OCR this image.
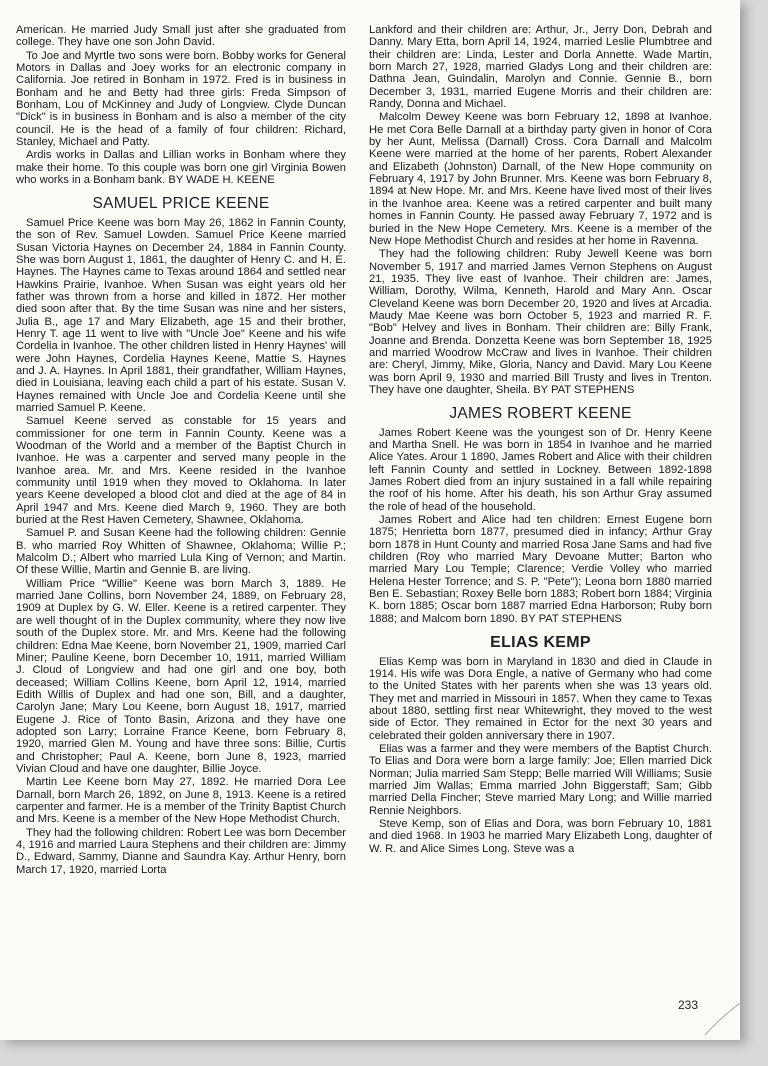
American. He married Judy Small just after she graduated from college. They have one son John David.

To Joe and Myrtle two sons were born. Bobby works for General Motors in Dallas and Joey works for an electronic company in California. Joe retired in Bonham in 1972. Fred is in business in Bonham and he and Betty had three girls: Freda Simpson of Bonham, Lou of McKinney and Judy of Longview. Clyde Duncan "Dick" is in business in Bonham and is also a member of the city council. He is the head of a family of four children: Richard, Stanley, Michael and Patty.

Ardis works in Dallas and Lillian works in Bonham where they make their home. To this couple was born one girl Virginia Bowen who works in a Bonham bank. BY WADE H. KEENE

SAMUEL PRICE KEENE

Samuel Price Keene was born May 26, 1862 in Fannin County, the son of Rev. Samuel Lowden. Samuel Price Keene married Susan Victoria Haynes on December 24, 1884 in Fannin County. She was born August 1, 1861, the daughter of Henry C. and H. E. Haynes. The Haynes came to Texas around 1864 and settled near Hawkins Prairie, Ivanhoe. When Susan was eight years old her father was thrown from a horse and killed in 1872. Her mother died soon after that. By the time Susan was nine and her sisters, Julia B., age 17 and Mary Elizabeth, age 15 and their brother, Henry T. age 11 went to live with "Uncle Joe" Keene and his wife Cordelia in Ivanhoe. The other children listed in Henry Haynes' will were John Haynes, Cordelia Haynes Keene, Mattie S. Haynes and J. A. Haynes. In April 1881, their grandfather, William Haynes, died in Louisiana, leaving each child a part of his estate. Susan V. Haynes remained with Uncle Joe and Cordelia Keene until she married Samuel P. Keene.

Samuel Keene served as constable for 15 years and commissioner for one term in Fannin County. Keene was a Woodman of the World and a member of the Baptist Church in Ivanhoe. He was a carpenter and served many people in the Ivanhoe area. Mr. and Mrs. Keene resided in the Ivanhoe community until 1919 when they moved to Oklahoma. In later years Keene developed a blood clot and died at the age of 84 in April 1947 and Mrs. Keene died March 9, 1960. They are both buried at the Rest Haven Cemetery, Shawnee, Oklahoma.

Samuel P. and Susan Keene had the following children: Gennie B. who married Roy Whitten of Shawnee, Oklahoma; Willie P.; Malcolm D.; Albert who married Lula King of Vernon; and Martin. Of these Willie, Martin and Gennie B. are living.

William Price "Willie" Keene was born March 3, 1889. He married Jane Collins, born November 24, 1889, on February 28, 1909 at Duplex by G. W. Eller. Keene is a retired carpenter. They are well thought of in the Duplex community, where they now live south of the Duplex store. Mr. and Mrs. Keene had the following children: Edna Mae Keene, born November 21, 1909, married Carl Miner; Pauline Keene, born December 10, 1911, married William J. Cloud of Longview and had one girl and one boy, both deceased; William Collins Keene, born April 12, 1914, married Edith Willis of Duplex and had one son, Bill, and a daughter, Carolyn Jane; Mary Lou Keene, born August 18, 1917, married Eugene J. Rice of Tonto Basin, Arizona and they have one adopted son Larry; Lorraine France Keene, born February 8, 1920, married Glen M. Young and have three sons: Billie, Curtis and Christopher; Paul A. Keene, born June 8, 1923, married Vivian Cloud and have one daughter, Billie Joyce.

Martin Lee Keene born May 27, 1892. He married Dora Lee Darnall, born March 26, 1892, on June 8, 1913. Keene is a retired carpenter and farmer. He is a member of the Trinity Baptist Church and Mrs. Keene is a member of the New Hope Methodist Church.

They had the following children: Robert Lee was born December 4, 1916 and married Laura Stephens and their children are: Jimmy D., Edward, Sammy, Dianne and Saundra Kay. Arthur Henry, born March 17, 1920, married Lorta

Lankford and their children are: Arthur, Jr., Jerry Don, Debrah and Danny. Mary Etta, born April 14, 1924, married Leslie Plumbtree and their children are: Linda, Lester and Dorla Annette. Wade Martin, born March 27, 1928, married Gladys Long and their children are: Dathna Jean, Guindalin, Marolyn and Connie. Gennie B., born December 3, 1931, married Eugene Morris and their children are: Randy, Donna and Michael.

Malcolm Dewey Keene was born February 12, 1898 at Ivanhoe. He met Cora Belle Darnall at a birthday party given in honor of Cora by her Aunt, Melissa (Darnall) Cross. Cora Darnall and Malcolm Keene were married at the home of her parents, Robert Alexander and Elizabeth (Johnston) Darnall, of the New Hope community on February 4, 1917 by John Brunner. Mrs. Keene was born February 8, 1894 at New Hope. Mr. and Mrs. Keene have lived most of their lives in the Ivanhoe area. Keene was a retired carpenter and built many homes in Fannin County. He passed away February 7, 1972 and is buried in the New Hope Cemetery. Mrs. Keene is a member of the New Hope Methodist Church and resides at her home in Ravenna.

They had the following children: Ruby Jewell Keene was born November 5, 1917 and married James Vernon Stephens on August 21, 1935. They live east of Ivanhoe. Their children are: James, William, Dorothy, Wilma, Kenneth, Harold and Mary Ann. Oscar Cleveland Keene was born December 20, 1920 and lives at Arcadia. Maudy Mae Keene was born October 5, 1923 and married R. F. "Bob" Helvey and lives in Bonham. Their children are: Billy Frank, Joanne and Brenda. Donzetta Keene was born September 18, 1925 and married Woodrow McCraw and lives in Ivanhoe. Their children are: Cheryl, Jimmy, Mike, Gloria, Nancy and David. Mary Lou Keene was born April 9, 1930 and married Bill Trusty and lives in Trenton. They have one daughter, Sheila. BY PAT STEPHENS

JAMES ROBERT KEENE

James Robert Keene was the youngest son of Dr. Henry Keene and Martha Snell. He was born in 1854 in Ivanhoe and he married Alice Yates. Arour 1 1890, James Robert and Alice with their children left Fannin County and settled in Lockney. Between 1892-1898 James Robert died from an injury sustained in a fall while repairing the roof of his home. After his death, his son Arthur Gray assumed the role of head of the household.

James Robert and Alice had ten children: Ernest Eugene born 1875; Henrietta born 1877, presumed died in infancy; Arthur Gray born 1878 in Hunt County and married Rosa Jane Sams and had five children (Roy who married Mary Devoane Mutter; Barton who married Mary Lou Temple; Clarence; Verdie Volley who married Helena Hester Torrence; and S. P. "Pete"); Leona born 1880 married Ben E. Sebastian; Roxey Belle born 1883; Robert born 1884; Virginia K. born 1885; Oscar born 1887 married Edna Harborson; Ruby born 1888; and Malcom born 1890. BY PAT STEPHENS

ELIAS KEMP

Elias Kemp was born in Maryland in 1830 and died in Claude in 1914. His wife was Dora Engle, a native of Germany who had come to the United States with her parents when she was 13 years old. They met and married in Missouri in 1857. When they came to Texas about 1880, settling first near Whitewright, they moved to the west side of Ector. They remained in Ector for the next 30 years and celebrated their golden anniversary there in 1907.

Elias was a farmer and they were members of the Baptist Church. To Elias and Dora were born a large family: Joe; Ellen married Dick Norman; Julia married Sam Stepp; Belle married Will Williams; Susie married Jim Wallas; Emma married John Biggerstaff; Sam; Gibb married Della Fincher; Steve married Mary Long; and Willie married Rennie Neighbors.

Steve Kemp, son of Elias and Dora, was born February 10, 1881 and died 1968. In 1903 he married Mary Elizabeth Long, daughter of W. R. and Alice Simes Long. Steve was a

233
